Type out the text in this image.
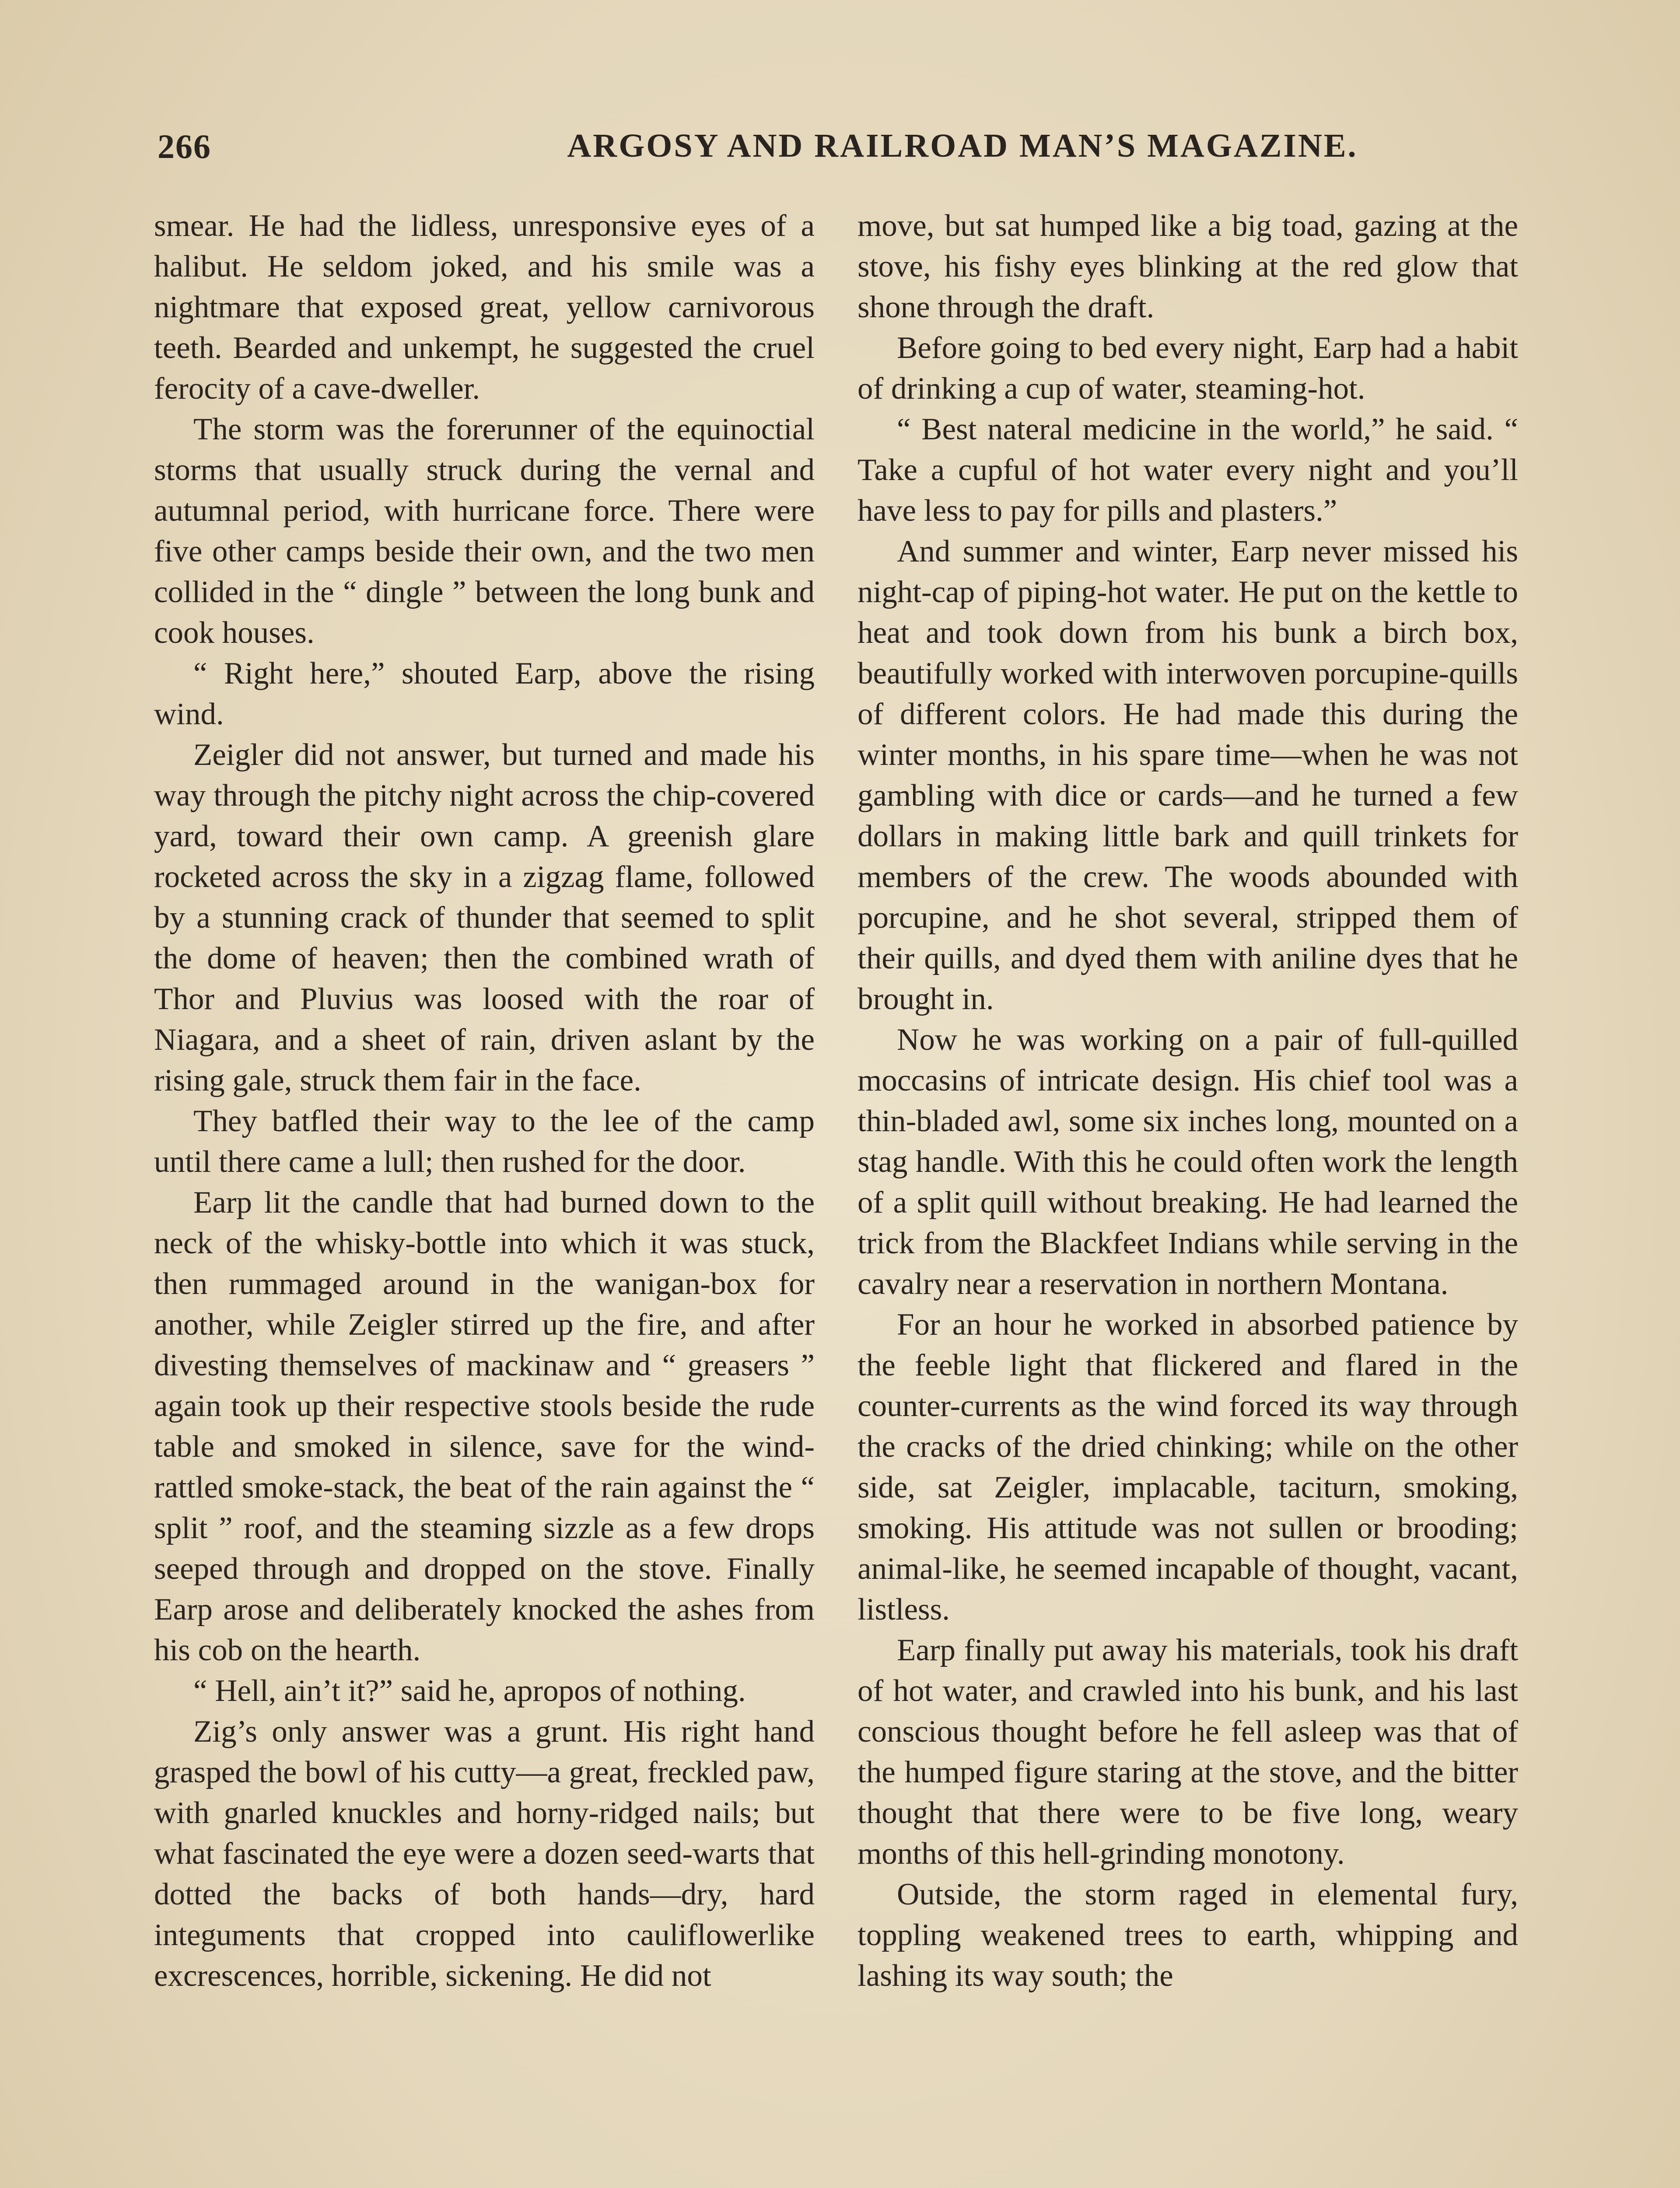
266	ARGOSY AND RAILROAD MAN’S MAGAZINE.

smear. He had the lidless, unresponsive eyes of a halibut. He seldom joked, and his smile was a nightmare that exposed great, yellow carnivorous teeth. Bearded and unkempt, he suggested the cruel ferocity of a cave-dweller.

The storm was the forerunner of the equinoctial storms that usually struck during the vernal and autumnal period, with hurricane force. There were five other camps beside their own, and the two men collided in the “ dingle ” between the long bunk and cook houses.

“ Right here,” shouted Earp, above the rising wind.

Zeigler did not answer, but turned and made his way through the pitchy night across the chip-covered yard, toward their own camp. A greenish glare rocketed across the sky in a zigzag flame, followed by a stunning crack of thunder that seemed to split the dome of heaven; then the combined wrath of Thor and Pluvius was loosed with the roar of Niagara, and a sheet of rain, driven aslant by the rising gale, struck them fair in the face.

They batfled their way to the lee of the camp until there came a lull; then rushed for the door.

Earp lit the candle that had burned down to the neck of the whisky-bottle into which it was stuck, then rummaged around in the wanigan-box for another, while Zeigler stirred up the fire, and after divesting themselves of mackinaw and “ greasers ” again took up their respective stools beside the rude table and smoked in silence, save for the wind-rattled smoke-stack, the beat of the rain against the “ split ” roof, and the steaming sizzle as a few drops seeped through and dropped on the stove. Finally Earp arose and deliberately knocked the ashes from his cob on the hearth.

“ Hell, ain’t it?” said he, apropos of nothing.

Zig’s only answer was a grunt. His right hand grasped the bowl of his cutty—a great, freckled paw, with gnarled knuckles and horny-ridged nails; but what fascinated the eye were a dozen seed-warts that dotted the backs of both hands—dry, hard integuments that cropped into cauliflowerlike excrescences, horrible, sickening. He did not

move, but sat humped like a big toad, gazing at the stove, his fishy eyes blinking at the red glow that shone through the draft.

Before going to bed every night, Earp had a habit of drinking a cup of water, steaming-hot.

“ Best nateral medicine in the world,” he said. “ Take a cupful of hot water every night and you’ll have less to pay for pills and plasters.”

And summer and winter, Earp never missed his night-cap of piping-hot water. He put on the kettle to heat and took down from his bunk a birch box, beautifully worked with interwoven porcupine-quills of different colors. He had made this during the winter months, in his spare time—when he was not gambling with dice or cards—and he turned a few dollars in making little bark and quill trinkets for members of the crew. The woods abounded with porcupine, and he shot several, stripped them of their quills, and dyed them with aniline dyes that he brought in.

Now he was working on a pair of full-quilled moccasins of intricate design. His chief tool was a thin-bladed awl, some six inches long, mounted on a stag handle. With this he could often work the length of a split quill without breaking. He had learned the trick from the Blackfeet Indians while serving in the cavalry near a reservation in northern Montana.

For an hour he worked in absorbed patience by the feeble light that flickered and flared in the counter-currents as the wind forced its way through the cracks of the dried chinking; while on the other side, sat Zeigler, implacable, taciturn, smoking, smoking. His attitude was not sullen or brooding; animal-like, he seemed incapable of thought, vacant, listless.

Earp finally put away his materials, took his draft of hot water, and crawled into his bunk, and his last conscious thought before he fell asleep was that of the humped figure staring at the stove, and the bitter thought that there were to be five long, weary months of this hell-grinding monotony.

Outside, the storm raged in elemental fury, toppling weakened trees to earth, whipping and lashing its way south; the
